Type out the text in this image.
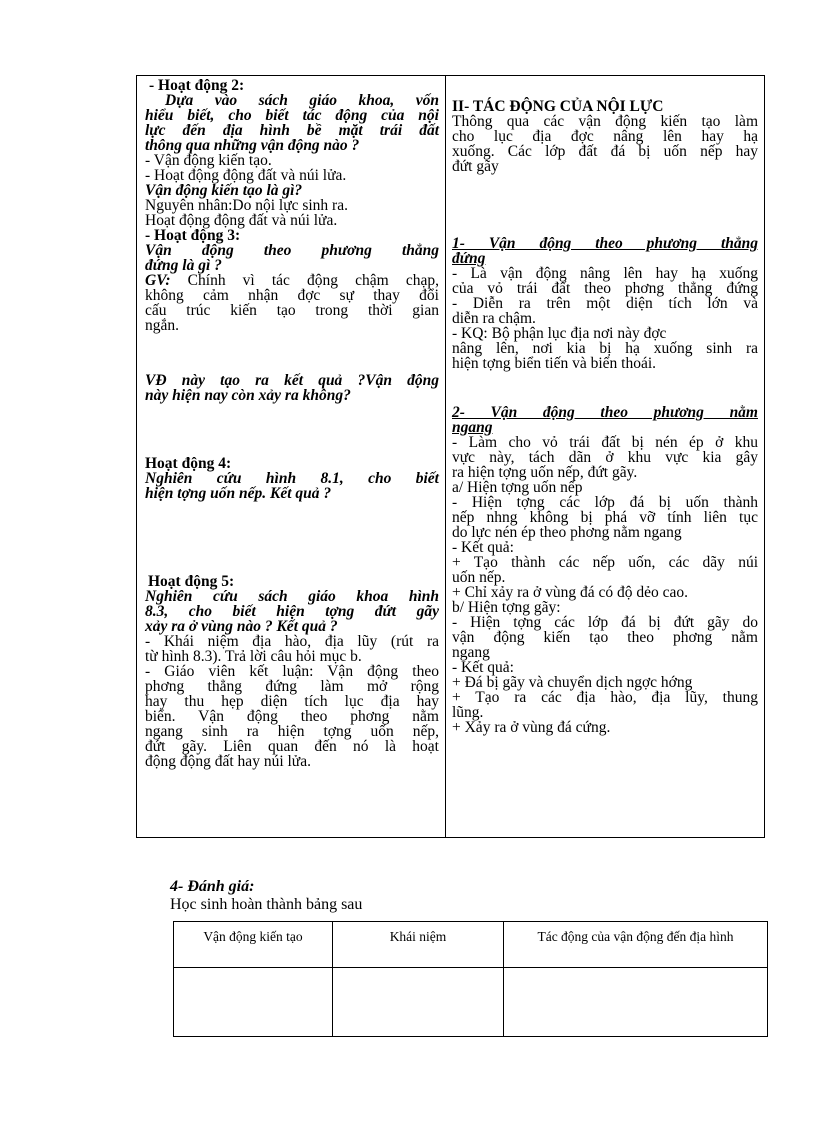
- Hoạt động 2:

Dựa vào sách giáo khoa, vốn

hiểu biết, cho biết tác động của nội

lực đến địa hình bề mặt trái đất

thông qua những vận động nào ?

- Vận động kiến tạo.

- Hoạt động động đất và núi lửa.

Vận động kiến tạo là gì?

Nguyên nhân:Do nội lực sinh ra.

Hoạt động động đất và núi lửa.

- Hoạt động 3:

Vận động theo phương thẳng

đứng là gì ?

GV: Chính vì tác động chậm chạp,

không cảm nhận đợc sự thay đổi

cấu trúc kiến tạo trong thời gian

ngắn.

VĐ này tạo ra kết quả ?Vận động

này hiện nay còn xảy ra không?

Hoạt động 4:

Nghiên cứu hình 8.1, cho biết

hiện tợng uốn nếp. Kết quả ?

Hoạt động 5:

Nghiên cứu sách giáo khoa hình

8.3, cho biết hiện tợng đứt gãy

xảy ra ở vùng nào ? Kết quả ?

- Khái niệm địa hào, địa lũy (rút ra

từ hình 8.3). Trả lời câu hỏi mục b.

- Giáo viên kết luận: Vận động theo

phơng thẳng đứng làm mở rộng

hay thu hẹp diện tích lục địa hay

biển. Vận động theo phơng nằm

ngang sinh ra hiện tợng uốn nếp,

đứt gãy. Liên quan đến nó là hoạt

động động đất hay núi lửa.

II- TÁC ĐỘNG CỦA NỘI LỰC

Thông qua các vận động kiến tạo làm

cho lục địa đợc nâng lên hay hạ

xuống. Các lớp đất đá bị uốn nếp hay

đứt gãy

1- Vận động theo phương thẳng

đứng

- Là vận động nâng lên hay hạ xuống

của vỏ trái đất theo phơng thẳng đứng

- Diễn ra trên một diện tích lớn và

diễn ra chậm.

- KQ: Bộ phận lục địa nơi này đợc

nâng lên, nơi kia bị hạ xuống sinh ra

hiện tợng biển tiến và biển thoái.

2- Vận động theo phương nằm

ngang

- Làm cho vỏ trái đất bị nén ép ở khu

vực này, tách dãn ở khu vực kia gây

ra hiện tợng uốn nếp, đứt gãy.

a/ Hiện tợng uốn nếp

- Hiện tợng các lớp đá bị uốn thành

nếp nhng không bị phá vỡ tính liên tục

do lực nén ép theo phơng nằm ngang

- Kết quả:

+ Tạo thành các nếp uốn, các dãy núi

uốn nếp.

+ Chỉ xảy ra ở vùng đá có độ dẻo cao.

b/ Hiện tợng gãy:

- Hiện tợng các lớp đá bị đứt gãy do

vận động kiến tạo theo phơng nằm

ngang

- Kết quả:

+ Đá bị gãy và chuyển dịch ngợc hớng

+ Tạo ra các địa hào, địa lũy, thung

lũng.

+ Xảy ra ở vùng đá cứng.

4- Đánh giá:
Học sinh hoàn thành bảng sau
Vận động kiến tạo	Khái niệm	Tác động của vận động đến địa hình
